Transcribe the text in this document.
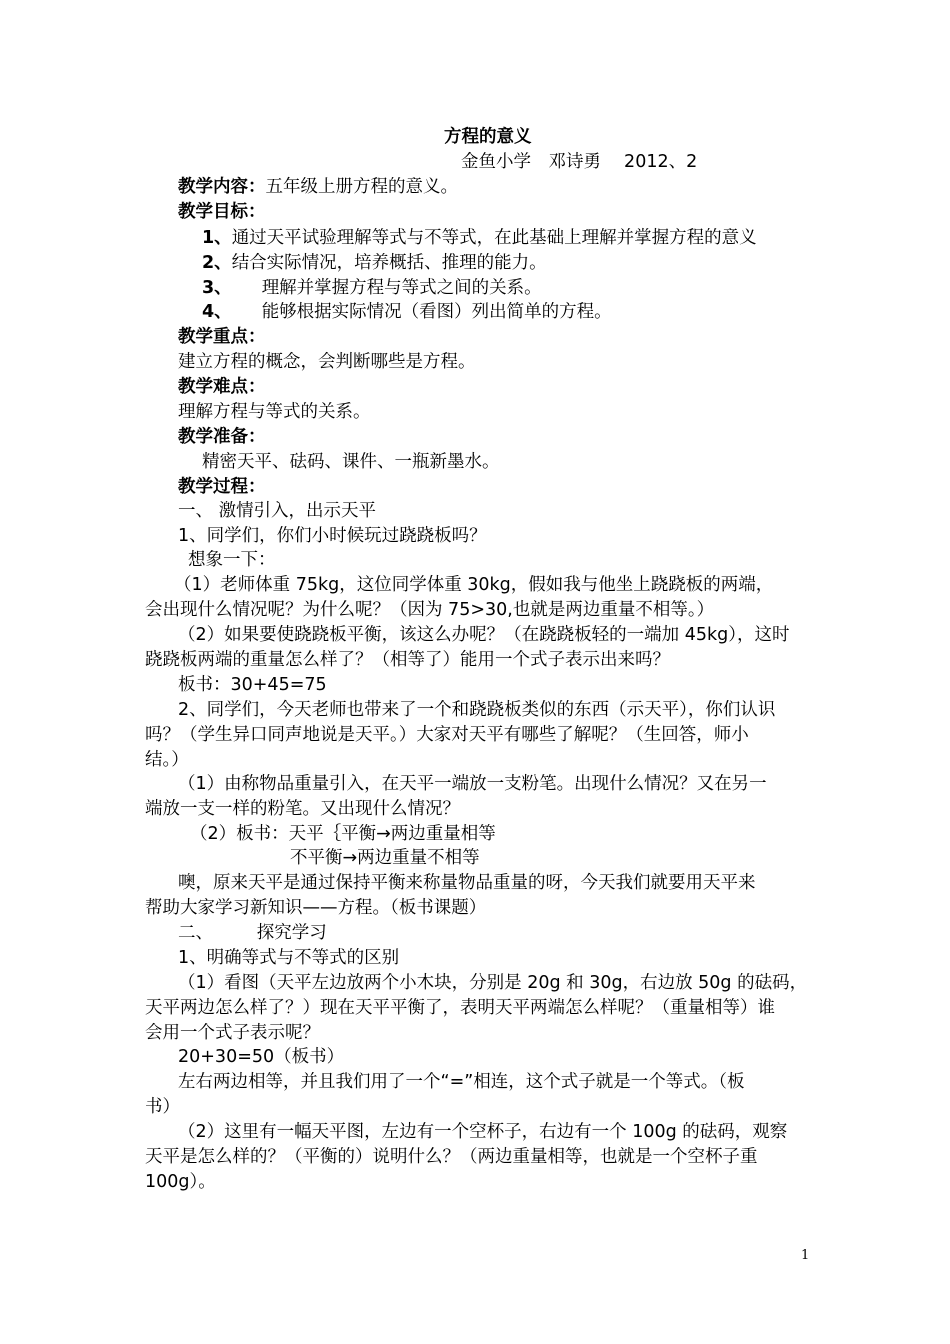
方程的意义
金鱼小学　邓诗勇　 2012、2
教学内容：五年级上册方程的意义。
教学目标：
1、通过天平试验理解等式与不等式，在此基础上理解并掌握方程的意义
2、结合实际情况，培养概括、推理的能力。
3、 理解并掌握方程与等式之间的关系。
4、 能够根据实际情况（看图）列出简单的方程。
教学重点：
建立方程的概念，会判断哪些是方程。
教学难点：
理解方程与等式的关系。
教学准备：
精密天平、砝码、课件、一瓶新墨水。
教学过程：
一、 激情引入，出示天平
1、同学们，你们小时候玩过跷跷板吗？
想象一下：
（1）老师体重 75kg，这位同学体重 30kg，假如我与他坐上跷跷板的两端，
会出现什么情况呢？为什么呢？（因为 75>30,也就是两边重量不相等。）
（2）如果要使跷跷板平衡，该这么办呢？（在跷跷板轻的一端加 45kg），这时
跷跷板两端的重量怎么样了？（相等了）能用一个式子表示出来吗？
板书：30+45=75
2、同学们，今天老师也带来了一个和跷跷板类似的东西（示天平），你们认识
吗？（学生异口同声地说是天平。）大家对天平有哪些了解呢？（生回答，师小
结。）
（1）由称物品重量引入，在天平一端放一支粉笔。出现什么情况？又在另一
端放一支一样的粉笔。又出现什么情况？
（2）板书：天平｛平衡→两边重量相等
不平衡→两边重量不相等
噢，原来天平是通过保持平衡来称量物品重量的呀，今天我们就要用天平来
帮助大家学习新知识——方程。（板书课题）
二、　　　探究学习
1、明确等式与不等式的区别
（1）看图（天平左边放两个小木块，分别是 20g 和 30g，右边放 50g 的砝码，
天平两边怎么样了？）现在天平平衡了，表明天平两端怎么样呢？（重量相等）谁
会用一个式子表示呢？
20+30=50（板书）
左右两边相等，并且我们用了一个“=”相连，这个式子就是一个等式。（板
书）
（2）这里有一幅天平图，左边有一个空杯子，右边有一个 100g 的砝码，观察
天平是怎么样的？（平衡的）说明什么？（两边重量相等，也就是一个空杯子重
100g）。
1
